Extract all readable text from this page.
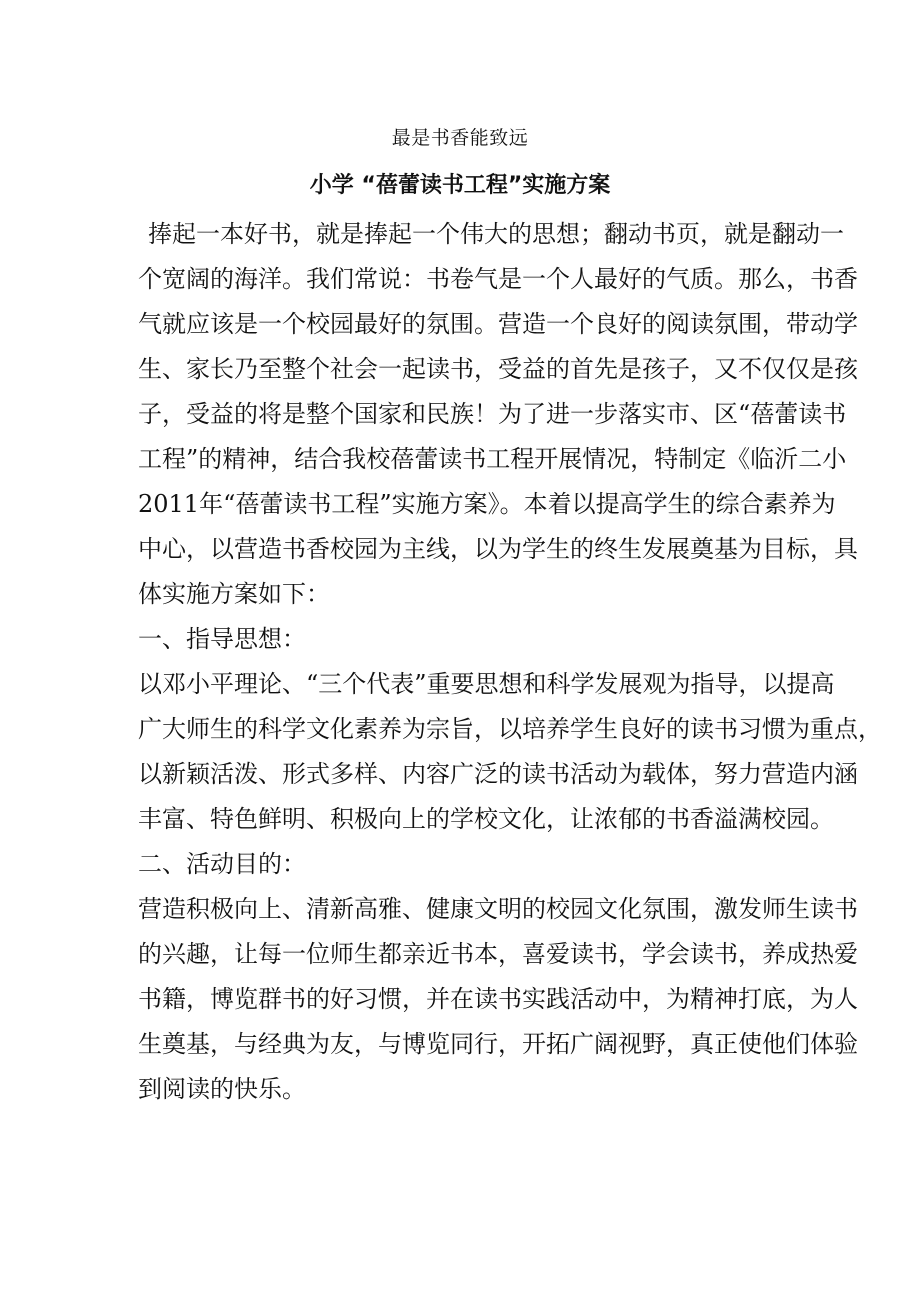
最是书香能致远
小学 “蓓蕾读书工程”实施方案
捧起一本好书，就是捧起一个伟大的思想；翻动书页，就是翻动一
个宽阔的海洋。我们常说：书卷气是一个人最好的气质。那么，书香
气就应该是一个校园最好的氛围。营造一个良好的阅读氛围，带动学
生、家长乃至整个社会一起读书，受益的首先是孩子，又不仅仅是孩
子，受益的将是整个国家和民族！为了进一步落实市、区“蓓蕾读书
工程”的精神，结合我校蓓蕾读书工程开展情况，特制定《临沂二小
2011年“蓓蕾读书工程”实施方案》。本着以提高学生的综合素养为
中心，以营造书香校园为主线，以为学生的终生发展奠基为目标，具
体实施方案如下：
一、指导思想：
以邓小平理论、“三个代表”重要思想和科学发展观为指导，以提高
广大师生的科学文化素养为宗旨，以培养学生良好的读书习惯为重点，
以新颖活泼、形式多样、内容广泛的读书活动为载体，努力营造内涵
丰富、特色鲜明、积极向上的学校文化，让浓郁的书香溢满校园。
二、活动目的：
营造积极向上、清新高雅、健康文明的校园文化氛围，激发师生读书
的兴趣，让每一位师生都亲近书本，喜爱读书，学会读书，养成热爱
书籍，博览群书的好习惯，并在读书实践活动中，为精神打底，为人
生奠基，与经典为友，与博览同行，开拓广阔视野，真正使他们体验
到阅读的快乐。
